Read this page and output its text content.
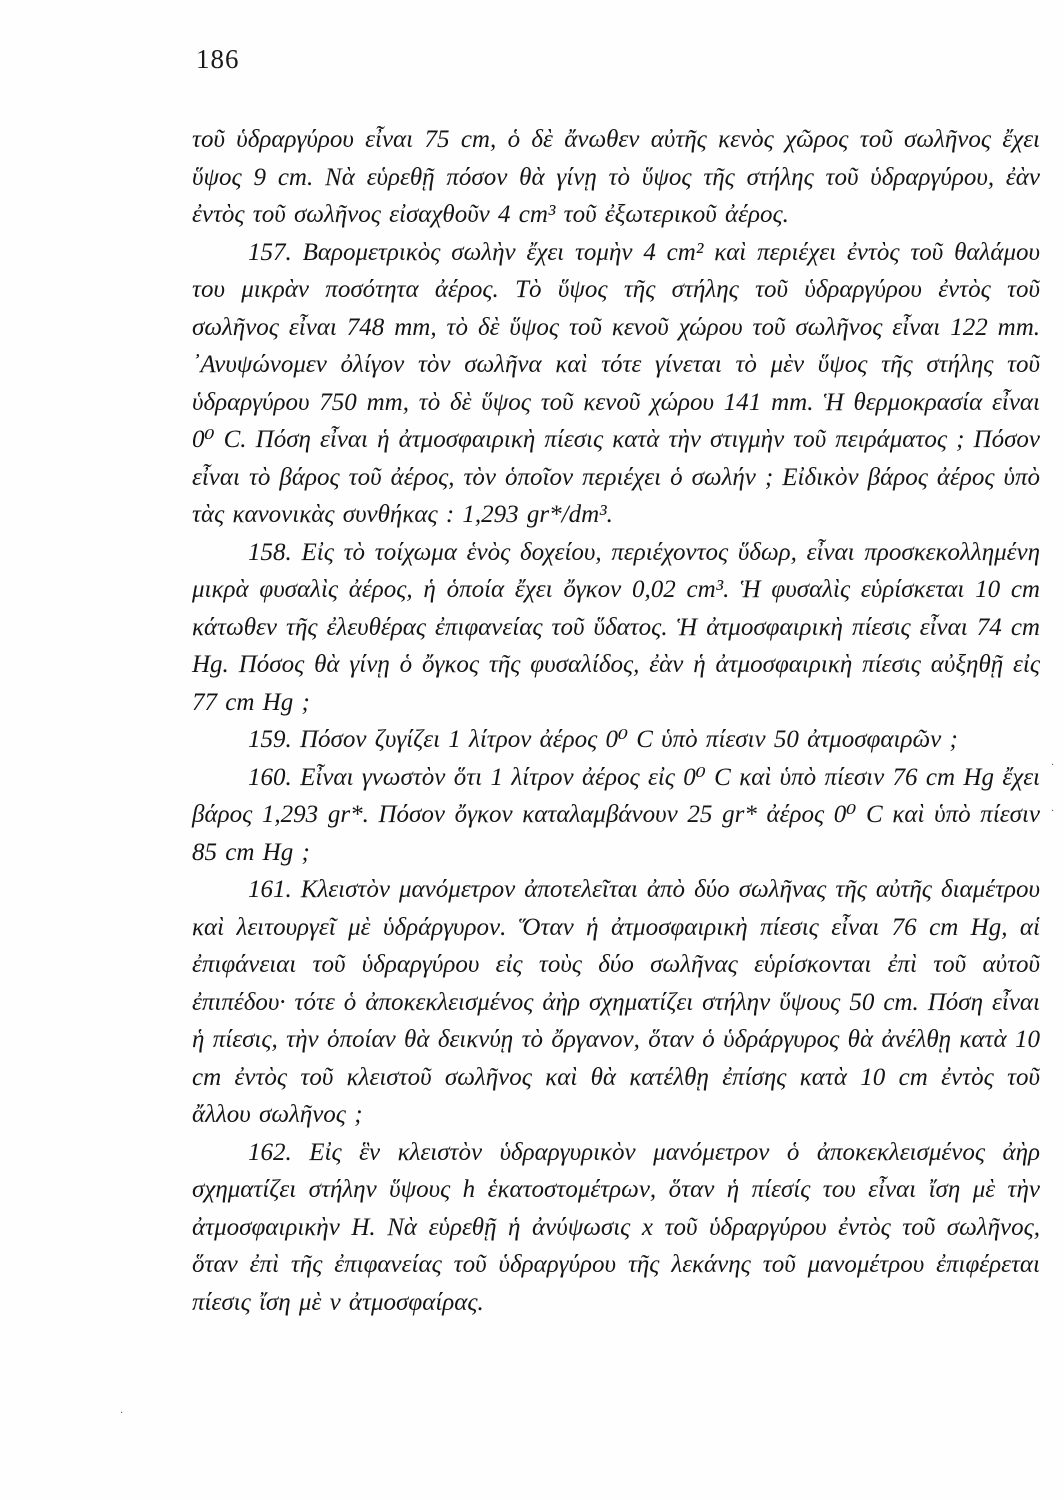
186

τοῦ ὑδραργύρου εἶναι 75 cm, ὁ δὲ ἄνωθεν αὐτῆς κενὸς χῶρος τοῦ σωλῆνος ἔχει ὕψος 9 cm. Νὰ εὑρεθῇ πόσον θὰ γίνῃ τὸ ὕψος τῆς στήλης τοῦ ὑδραργύρου, ἐὰν ἐντὸς τοῦ σωλῆνος εἰσαχθοῦν 4 cm³ τοῦ ἐξωτερικοῦ ἀέρος.

157. Βαρομετρικὸς σωλὴν ἔχει τομὴν 4 cm² καὶ περιέχει ἐντὸς τοῦ θαλάμου του μικρὰν ποσότητα ἀέρος. Τὸ ὕψος τῆς στήλης τοῦ ὑδραργύρου ἐντὸς τοῦ σωλῆνος εἶναι 748 mm, τὸ δὲ ὕψος τοῦ κενοῦ χώρου τοῦ σωλῆνος εἶναι 122 mm. ᾿Ανυψώνομεν ὀλίγον τὸν σωλῆνα καὶ τότε γίνεται τὸ μὲν ὕψος τῆς στήλης τοῦ ὑδραργύρου 750 mm, τὸ δὲ ὕψος τοῦ κενοῦ χώρου 141 mm. Ἡ θερμοκρασία εἶναι 0⁰ C. Πόση εἶναι ἡ ἀτμοσφαιρικὴ πίεσις κατὰ τὴν στιγμὴν τοῦ πειράματος ; Πόσον εἶναι τὸ βάρος τοῦ ἀέρος, τὸν ὁποῖον περιέχει ὁ σωλήν ; Εἰδικὸν βάρος ἀέρος ὑπὸ τὰς κανονικὰς συνθήκας : 1,293 gr*/dm³.

158. Εἰς τὸ τοίχωμα ἑνὸς δοχείου, περιέχοντος ὕδωρ, εἶναι προσκεκολλημένη μικρὰ φυσαλὶς ἀέρος, ἡ ὁποία ἔχει ὄγκον 0,02 cm³. Ἡ φυσαλὶς εὑρίσκεται 10 cm κάτωθεν τῆς ἐλευθέρας ἐπιφανείας τοῦ ὕδατος. Ἡ ἀτμοσφαιρικὴ πίεσις εἶναι 74 cm Hg. Πόσος θὰ γίνῃ ὁ ὄγκος τῆς φυσαλίδος, ἐὰν ἡ ἀτμοσφαιρικὴ πίεσις αὐξηθῇ εἰς 77 cm Hg ;

159. Πόσον ζυγίζει 1 λίτρον ἀέρος 0⁰ C ὑπὸ πίεσιν 50 ἀτμοσφαιρῶν ;

160. Εἶναι γνωστὸν ὅτι 1 λίτρον ἀέρος εἰς 0⁰ C καὶ ὑπὸ πίεσιν 76 cm Hg ἔχει βάρος 1,293 gr*. Πόσον ὄγκον καταλαμβάνουν 25 gr* ἀέρος 0⁰ C καὶ ὑπὸ πίεσιν 85 cm Hg ;

161. Κλειστὸν μανόμετρον ἀποτελεῖται ἀπὸ δύο σωλῆνας τῆς αὐτῆς διαμέτρου καὶ λειτουργεῖ μὲ ὑδράργυρον. Ὅταν ἡ ἀτμοσφαιρικὴ πίεσις εἶναι 76 cm Hg, αἱ ἐπιφάνειαι τοῦ ὑδραργύρου εἰς τοὺς δύο σωλῆνας εὑρίσκονται ἐπὶ τοῦ αὐτοῦ ἐπιπέδου· τότε ὁ ἀποκεκλεισμένος ἀὴρ σχηματίζει στήλην ὕψους 50 cm. Πόση εἶναι ἡ πίεσις, τὴν ὁποίαν θὰ δεικνύῃ τὸ ὄργανον, ὅταν ὁ ὑδράργυρος θὰ ἀνέλθῃ κατὰ 10 cm ἐντὸς τοῦ κλειστοῦ σωλῆνος καὶ θὰ κατέλθῃ ἐπίσης κατὰ 10 cm ἐντὸς τοῦ ἄλλου σωλῆνος ;

162. Εἰς ἓν κλειστὸν ὑδραργυρικὸν μανόμετρον ὁ ἀποκεκλεισμένος ἀὴρ σχηματίζει στήλην ὕψους h ἑκατοστομέτρων, ὅταν ἡ πίεσίς του εἶναι ἴση μὲ τὴν ἀτμοσφαιρικὴν H. Νὰ εὑρεθῇ ἡ ἀνύψωσις x τοῦ ὑδραργύρου ἐντὸς τοῦ σωλῆνος, ὅταν ἐπὶ τῆς ἐπιφανείας τοῦ ὑδραργύρου τῆς λεκάνης τοῦ μανομέτρου ἐπιφέρεται πίεσις ἴση μὲ ν ἀτμοσφαίρας.

·
·
·
